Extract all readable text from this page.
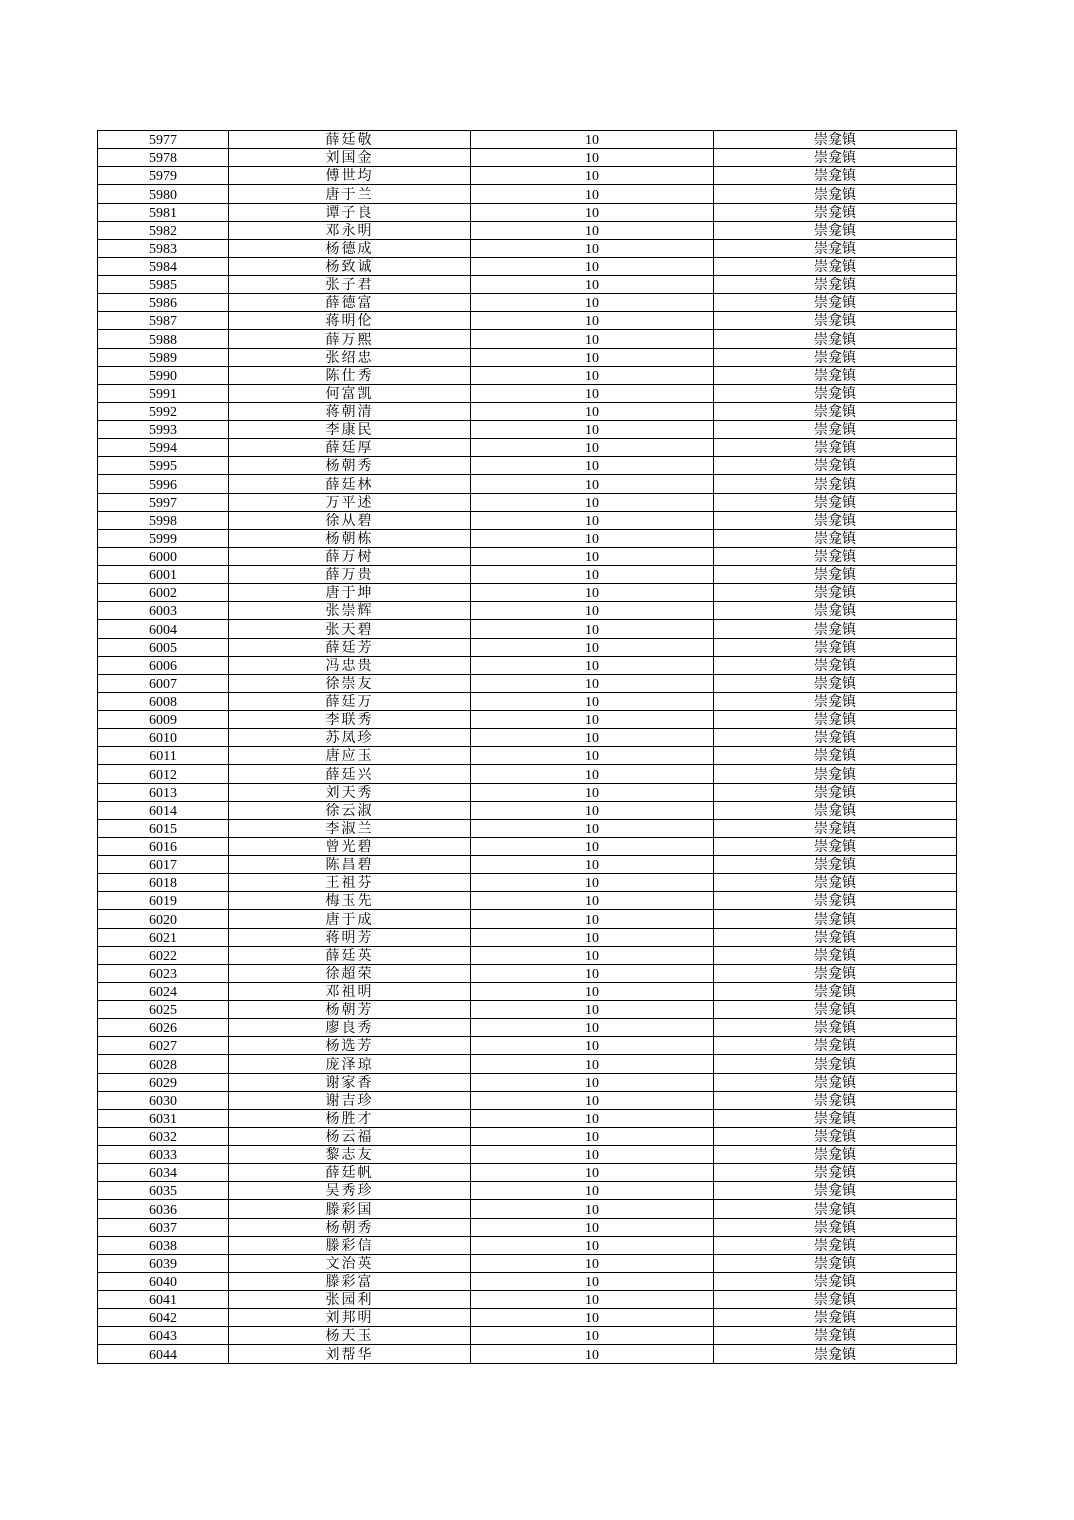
5977	薛廷敬	10	崇龛镇
5978	刘国金	10	崇龛镇
5979	傅世均	10	崇龛镇
5980	唐于兰	10	崇龛镇
5981	谭子良	10	崇龛镇
5982	邓永明	10	崇龛镇
5983	杨德成	10	崇龛镇
5984	杨致诚	10	崇龛镇
5985	张子君	10	崇龛镇
5986	薛德富	10	崇龛镇
5987	蒋明伦	10	崇龛镇
5988	薛万熙	10	崇龛镇
5989	张绍忠	10	崇龛镇
5990	陈仕秀	10	崇龛镇
5991	何富凯	10	崇龛镇
5992	蒋朝清	10	崇龛镇
5993	李康民	10	崇龛镇
5994	薛廷厚	10	崇龛镇
5995	杨朝秀	10	崇龛镇
5996	薛廷林	10	崇龛镇
5997	万平述	10	崇龛镇
5998	徐从碧	10	崇龛镇
5999	杨朝栋	10	崇龛镇
6000	薛万树	10	崇龛镇
6001	薛万贵	10	崇龛镇
6002	唐于坤	10	崇龛镇
6003	张崇辉	10	崇龛镇
6004	张天碧	10	崇龛镇
6005	薛廷芳	10	崇龛镇
6006	冯忠贵	10	崇龛镇
6007	徐崇友	10	崇龛镇
6008	薛廷万	10	崇龛镇
6009	李联秀	10	崇龛镇
6010	苏凤珍	10	崇龛镇
6011	唐应玉	10	崇龛镇
6012	薛廷兴	10	崇龛镇
6013	刘天秀	10	崇龛镇
6014	徐云淑	10	崇龛镇
6015	李淑兰	10	崇龛镇
6016	曾光碧	10	崇龛镇
6017	陈昌碧	10	崇龛镇
6018	王祖芬	10	崇龛镇
6019	梅玉先	10	崇龛镇
6020	唐于成	10	崇龛镇
6021	蒋明芳	10	崇龛镇
6022	薛廷英	10	崇龛镇
6023	徐超荣	10	崇龛镇
6024	邓祖明	10	崇龛镇
6025	杨朝芳	10	崇龛镇
6026	廖良秀	10	崇龛镇
6027	杨选芳	10	崇龛镇
6028	庞泽琼	10	崇龛镇
6029	谢家香	10	崇龛镇
6030	谢吉珍	10	崇龛镇
6031	杨胜才	10	崇龛镇
6032	杨云福	10	崇龛镇
6033	黎志友	10	崇龛镇
6034	薛廷帆	10	崇龛镇
6035	吴秀珍	10	崇龛镇
6036	滕彩国	10	崇龛镇
6037	杨朝秀	10	崇龛镇
6038	滕彩信	10	崇龛镇
6039	文治英	10	崇龛镇
6040	滕彩富	10	崇龛镇
6041	张园利	10	崇龛镇
6042	刘邦明	10	崇龛镇
6043	杨天玉	10	崇龛镇
6044	刘帮华	10	崇龛镇
